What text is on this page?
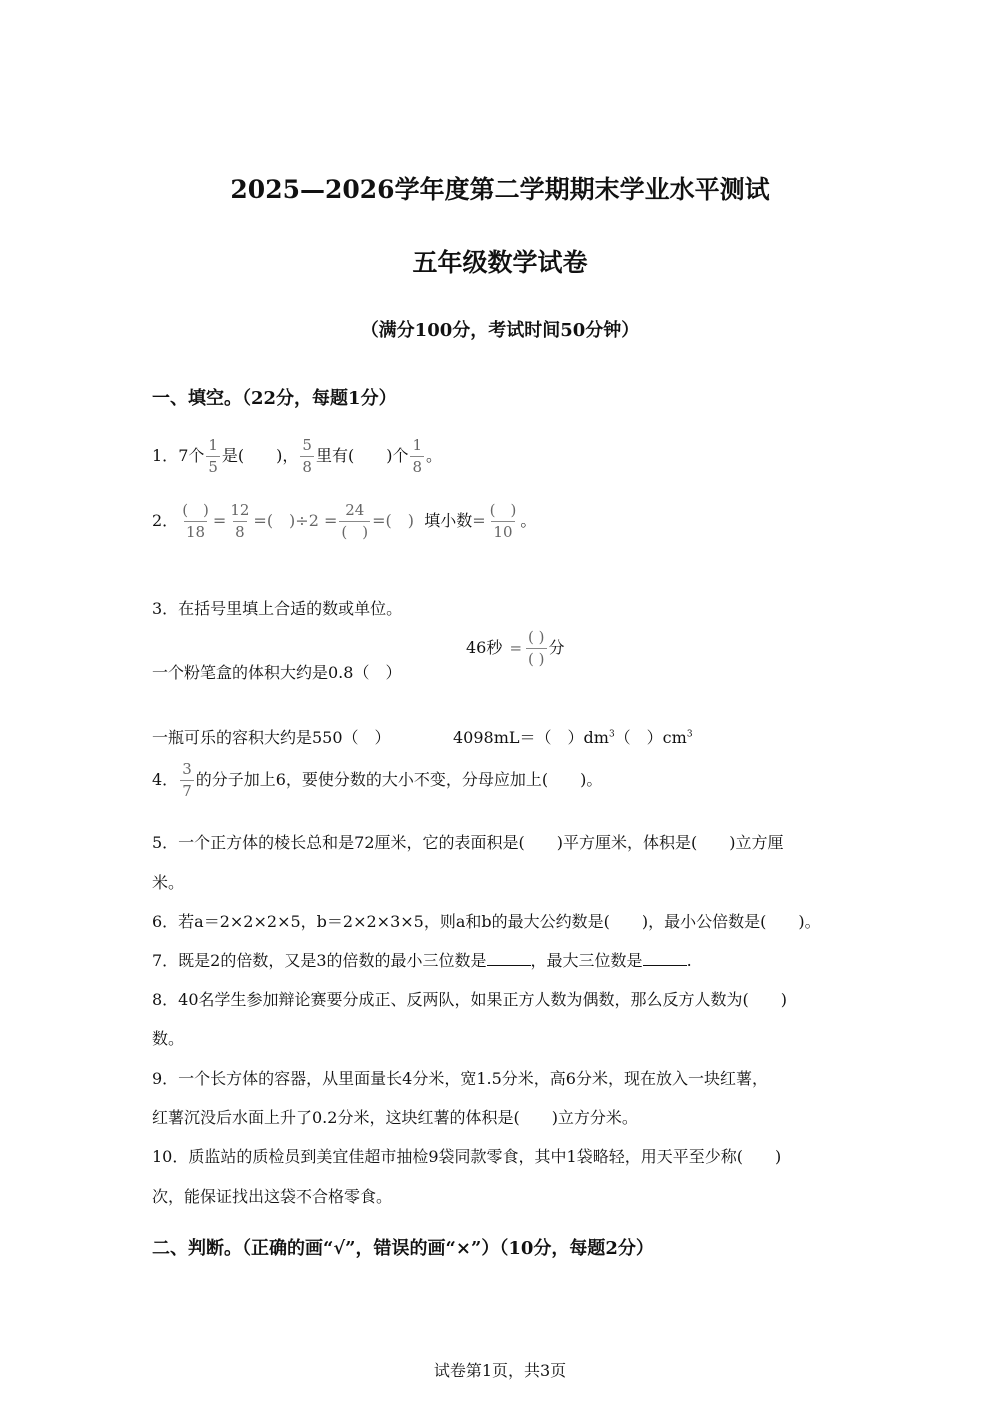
2025—2026学年度第二学期期末学业水平测试
五年级数学试卷
（满分100分，考试时间50分钟）
一、填空。（22分，每题1分）
1．7个 $\frac{1}{5}$ 是(　　)， $\frac{5}{8}$ 里有(　　)个 $\frac{1}{8}$ 。
2． $\frac{( )}{18} = \frac{12}{8}$ =(　)$\div 2 = \frac{24}{( )}$ =(　) 填小数= $\frac{( )}{10}$ 。
3．在括号里填上合适的数或单位。
一个粉笔盒的体积大约是0.8（　）
46秒 = $\frac{( )}{( )}$ 分
一瓶可乐的容积大约是550（　）	4098mL＝（　）$dm^3$（　）$cm^3$
4． $\frac{3}{7}$ 的分子加上6，要使分数的大小不变，分母应加上(　　)。
5．一个正方体的棱长总和是72厘米，它的表面积是(　　)平方厘米，体积是(　　)立方厘
米。
6．若a＝2×2×2×5，b＝2×2×3×5，则a和b的最大公约数是(　　)，最小公倍数是(　　)。
7．既是2的倍数，又是3的倍数的最小三位数是	，最大三位数是	.
8．40名学生参加辩论赛要分成正、反两队，如果正方人数为偶数，那么反方人数为(　　)
数。
9．一个长方体的容器，从里面量长4分米，宽1.5分米，高6分米，现在放入一块红薯，
红薯沉没后水面上升了0.2分米，这块红薯的体积是(　　)立方分米。
10．质监站的质检员到美宜佳超市抽检9袋同款零食，其中1袋略轻，用天平至少称(　　)
次，能保证找出这袋不合格零食。
二、判断。（正确的画“√”，错误的画“×”）（10分，每题2分）
试卷第1页，共3页
